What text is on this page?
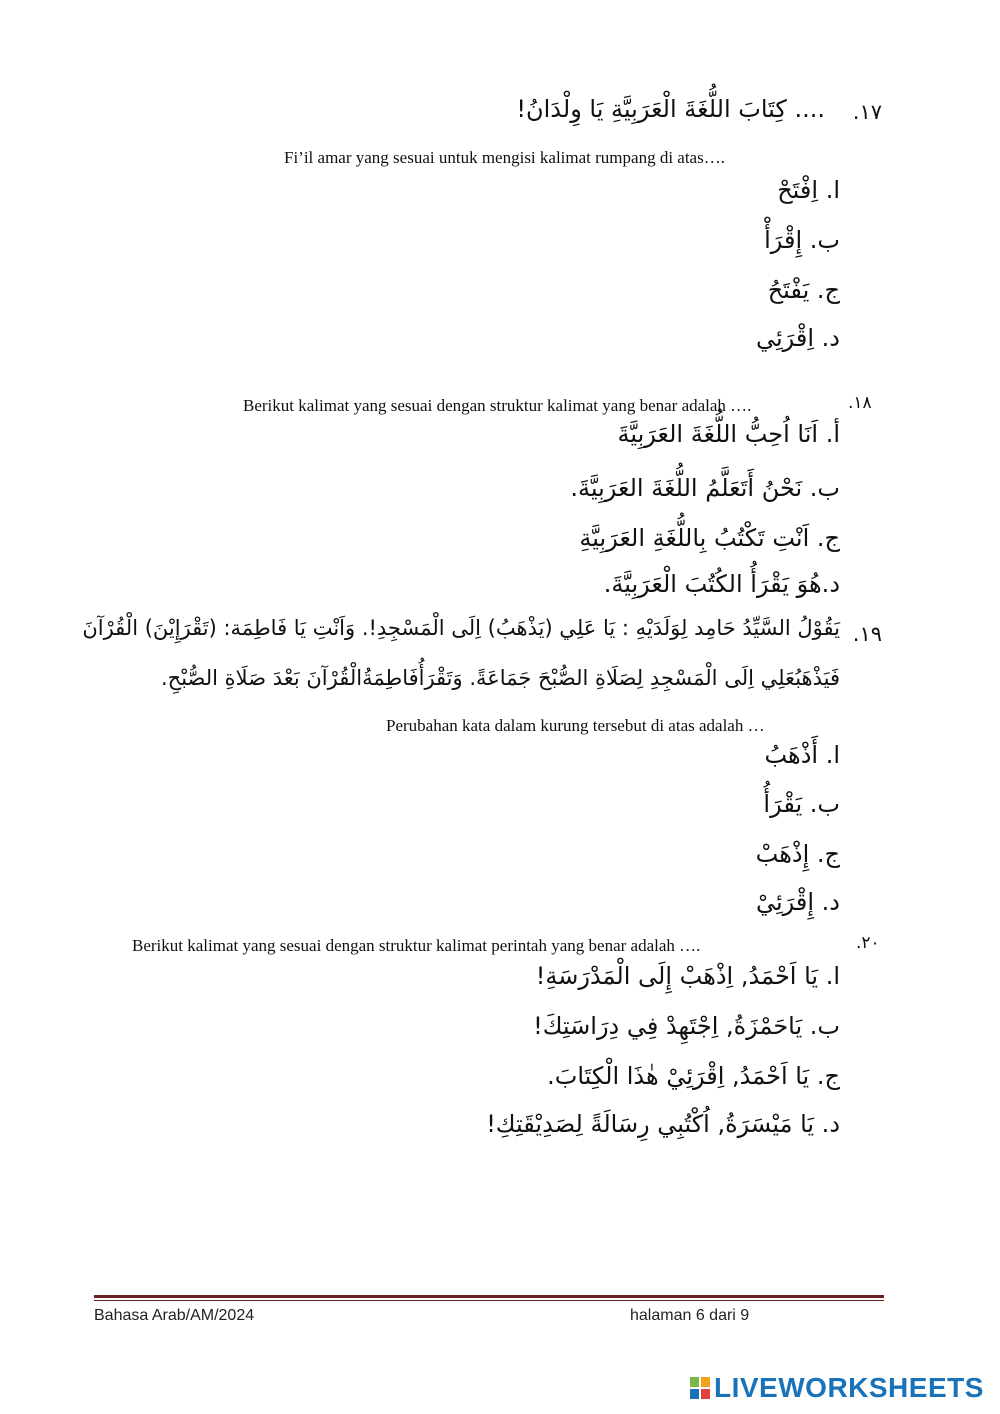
١٧.
.... كِتَابَ اللُّغَةَ الْعَرَبِيَّةِ يَا وِلْدَانُ!
Fi’il amar yang sesuai untuk mengisi kalimat rumpang di atas….
ا. اِفْتَحْ
ب. إِقْرَأْ
ج. يَفْتَحُ
د. اِقْرَئِي
Berikut kalimat yang sesuai dengan struktur kalimat yang benar adalah ….	.١٨
أ. اَنَا اُحِبُّ اللُّغَةَ العَرَبِيَّةَ
ب. نَحْنُ أَتَعَلَّمُ اللُّغَةَ العَرَبِيَّةَ.
ج. اَنْتِ تَكْتُبُ بِاللُّغَةِ العَرَبِيَّةِ
د.هُوَ يَقْرَأُ الكُتُبَ الْعَرَبِيَّةَ.
١٩.
يَقُوْلُ السَّيِّدُ حَامِد لِوَلَدَيْهِ : يَا عَلِي (يَذْهَبُ) اِلَى الْمَسْجِدِ!. وَاَنْتِ يَا فَاطِمَة: (تَقْرَإِيْنَ) الْقُرْآنَ
فَيَذْهَبُعَلِي اِلَى الْمَسْجِدِ لِصَلَاةِ الصُّبْحَ جَمَاعَةً. وَتَقْرَأُفَاطِمَةُالْقُرْآنَ بَعْدَ صَلَاةِ الصُّبْحِ.
Perubahan kata dalam kurung tersebut di atas adalah …
ا. أَذْهَبُ
ب. يَقْرَأُ
ج. إِذْهَبْ
د. إِقْرَئِيْ
Berikut kalimat yang sesuai dengan struktur kalimat perintah yang benar adalah ….	.٢٠
ا. يَا اَحْمَدُ, اِذْهَبْ إِلَى الْمَدْرَسَةِ!
ب. يَاحَمْزَةُ, اِجْتَهِدْ فِي دِرَاسَتِكَ!
ج. يَا اَحْمَدُ, اِقْرَئِيْ هٰذَا الْكِتَابَ.
د. يَا مَيْسَرَةُ, اُكْتُبِي رِسَالَةً لِصَدِيْقَتِكِ!
Bahasa Arab/AM/2024	halaman 6 dari 9
LIVEWORKSHEETS
